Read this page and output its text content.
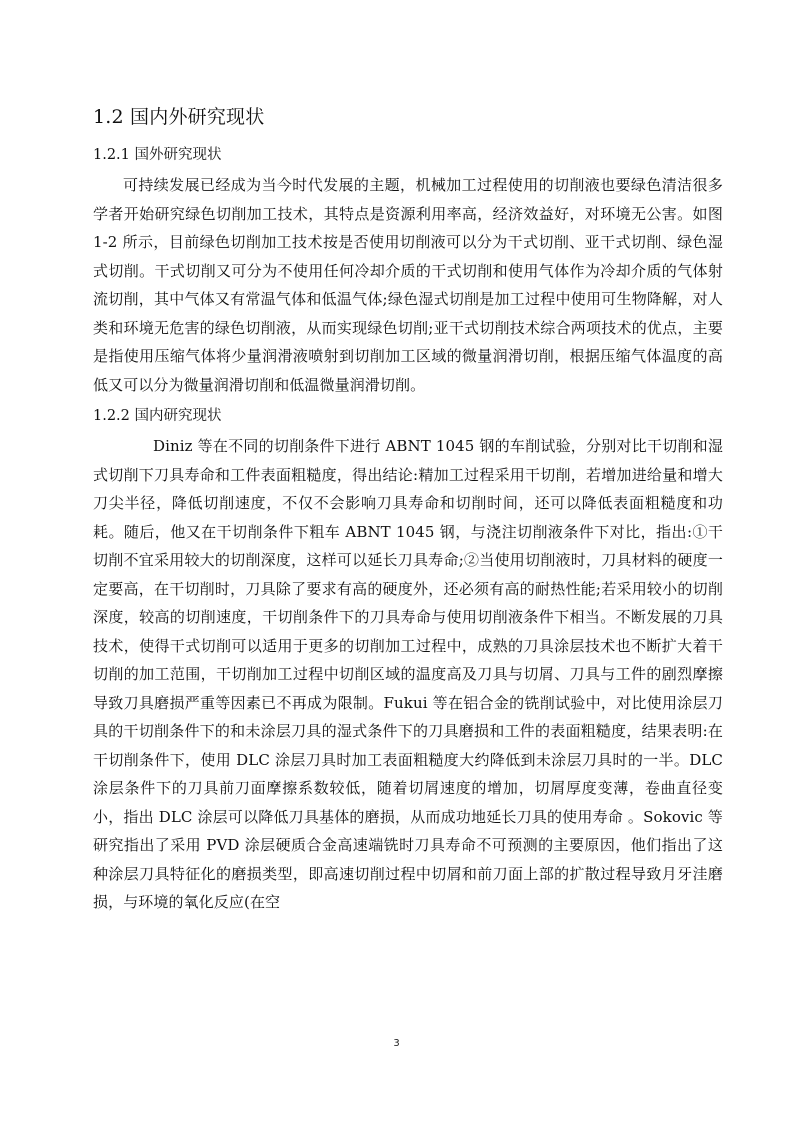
1.2 国内外研究现状
1.2.1 国外研究现状

可持续发展已经成为当今时代发展的主题，机械加工过程使用的切削液也要绿色清洁很多学者开始研究绿色切削加工技术，其特点是资源利用率高，经济效益好，对环境无公害。如图 1-2 所示，目前绿色切削加工技术按是否使用切削液可以分为干式切削、亚干式切削、绿色湿式切削。干式切削又可分为不使用任何冷却介质的干式切削和使用气体作为冷却介质的气体射流切削，其中气体又有常温气体和低温气体;绿色湿式切削是加工过程中使用可生物降解，对人类和环境无危害的绿色切削液，从而实现绿色切削;亚干式切削技术综合两项技术的优点，主要是指使用压缩气体将少量润滑液喷射到切削加工区域的微量润滑切削，根据压缩气体温度的高低又可以分为微量润滑切削和低温微量润滑切削。

1.2.2 国内研究现状

Diniz 等在不同的切削条件下进行 ABNT 1045 钢的车削试验，分别对比干切削和湿式切削下刀具寿命和工件表面粗糙度，得出结论:精加工过程采用干切削，若增加进给量和增大刀尖半径，降低切削速度，不仅不会影响刀具寿命和切削时间，还可以降低表面粗糙度和功耗。随后，他又在干切削条件下粗车 ABNT 1045 钢，与浇注切削液条件下对比，指出:①干切削不宜采用较大的切削深度，这样可以延长刀具寿命;②当使用切削液时，刀具材料的硬度一定要高，在干切削时，刀具除了要求有高的硬度外，还必须有高的耐热性能;若采用较小的切削深度，较高的切削速度，干切削条件下的刀具寿命与使用切削液条件下相当。不断发展的刀具技术，使得干式切削可以适用于更多的切削加工过程中，成熟的刀具涂层技术也不断扩大着干切削的加工范围，干切削加工过程中切削区域的温度高及刀具与切屑、刀具与工件的剧烈摩擦导致刀具磨损严重等因素已不再成为限制。Fukui 等在铝合金的铣削试验中，对比使用涂层刀具的干切削条件下的和未涂层刀具的湿式条件下的刀具磨损和工件的表面粗糙度，结果表明:在干切削条件下，使用 DLC 涂层刀具时加工表面粗糙度大约降低到未涂层刀具时的一半。DLC 涂层条件下的刀具前刀面摩擦系数较低，随着切屑速度的增加，切屑厚度变薄，卷曲直径变小，指出 DLC 涂层可以降低刀具基体的磨损，从而成功地延长刀具的使用寿命 。Sokovic 等研究指出了采用 PVD 涂层硬质合金高速端铣时刀具寿命不可预测的主要原因，他们指出了这种涂层刀具特征化的磨损类型，即高速切削过程中切屑和前刀面上部的扩散过程导致月牙洼磨损，与环境的氧化反应(在空

3
